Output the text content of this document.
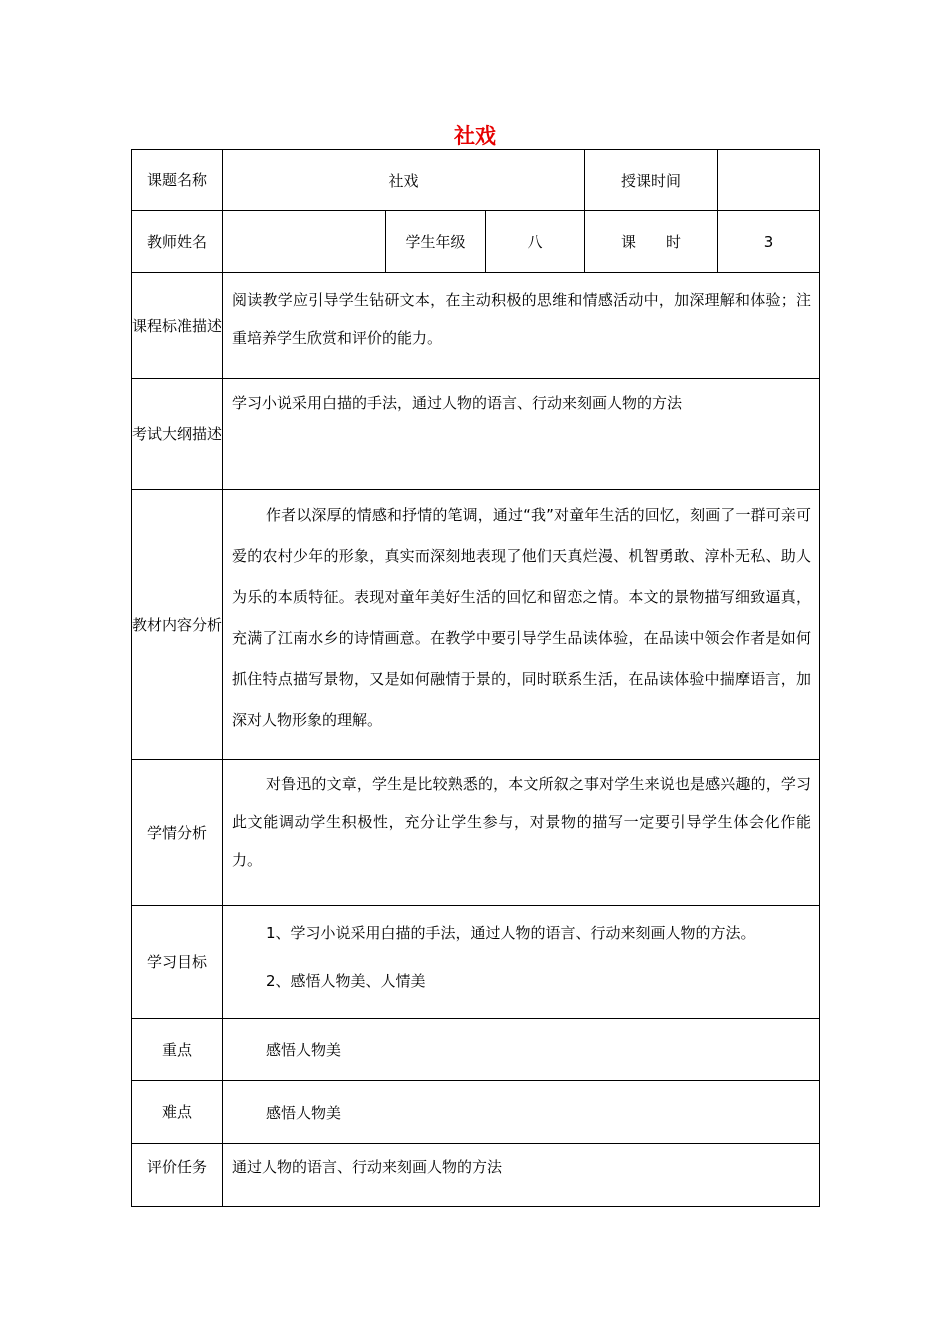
社戏
课题名称	社戏			授课时间	
教师姓名		学生年级	八	课　　时	3
课程标准描述	阅读教学应引导学生钻研文本，在主动积极的思维和情感活动中，加深理解和体验；注重培养学生欣赏和评价的能力。				
考试大纲描述	学习小说采用白描的手法，通过人物的语言、行动来刻画人物的方法				
教材内容分析	作者以深厚的情感和抒情的笔调，通过“我”对童年生活的回忆，刻画了一群可亲可爱的农村少年的形象，真实而深刻地表现了他们天真烂漫、机智勇敢、淳朴无私、助人为乐的本质特征。表现对童年美好生活的回忆和留恋之情。本文的景物描写细致逼真，充满了江南水乡的诗情画意。在教学中要引导学生品读体验，在品读中领会作者是如何抓住特点描写景物，又是如何融情于景的，同时联系生活，在品读体验中揣摩语言，加深对人物形象的理解。				
学情分析	对鲁迅的文章，学生是比较熟悉的，本文所叙之事对学生来说也是感兴趣的，学习此文能调动学生积极性，充分让学生参与，对景物的描写一定要引导学生体会化作能力。				
学习目标	1、学习小说采用白描的手法，通过人物的语言、行动来刻画人物的方法。
2、感悟人物美、人情美				

重点	感悟人物美				
难点	感悟人物美				
评价任务	通过人物的语言、行动来刻画人物的方法				
